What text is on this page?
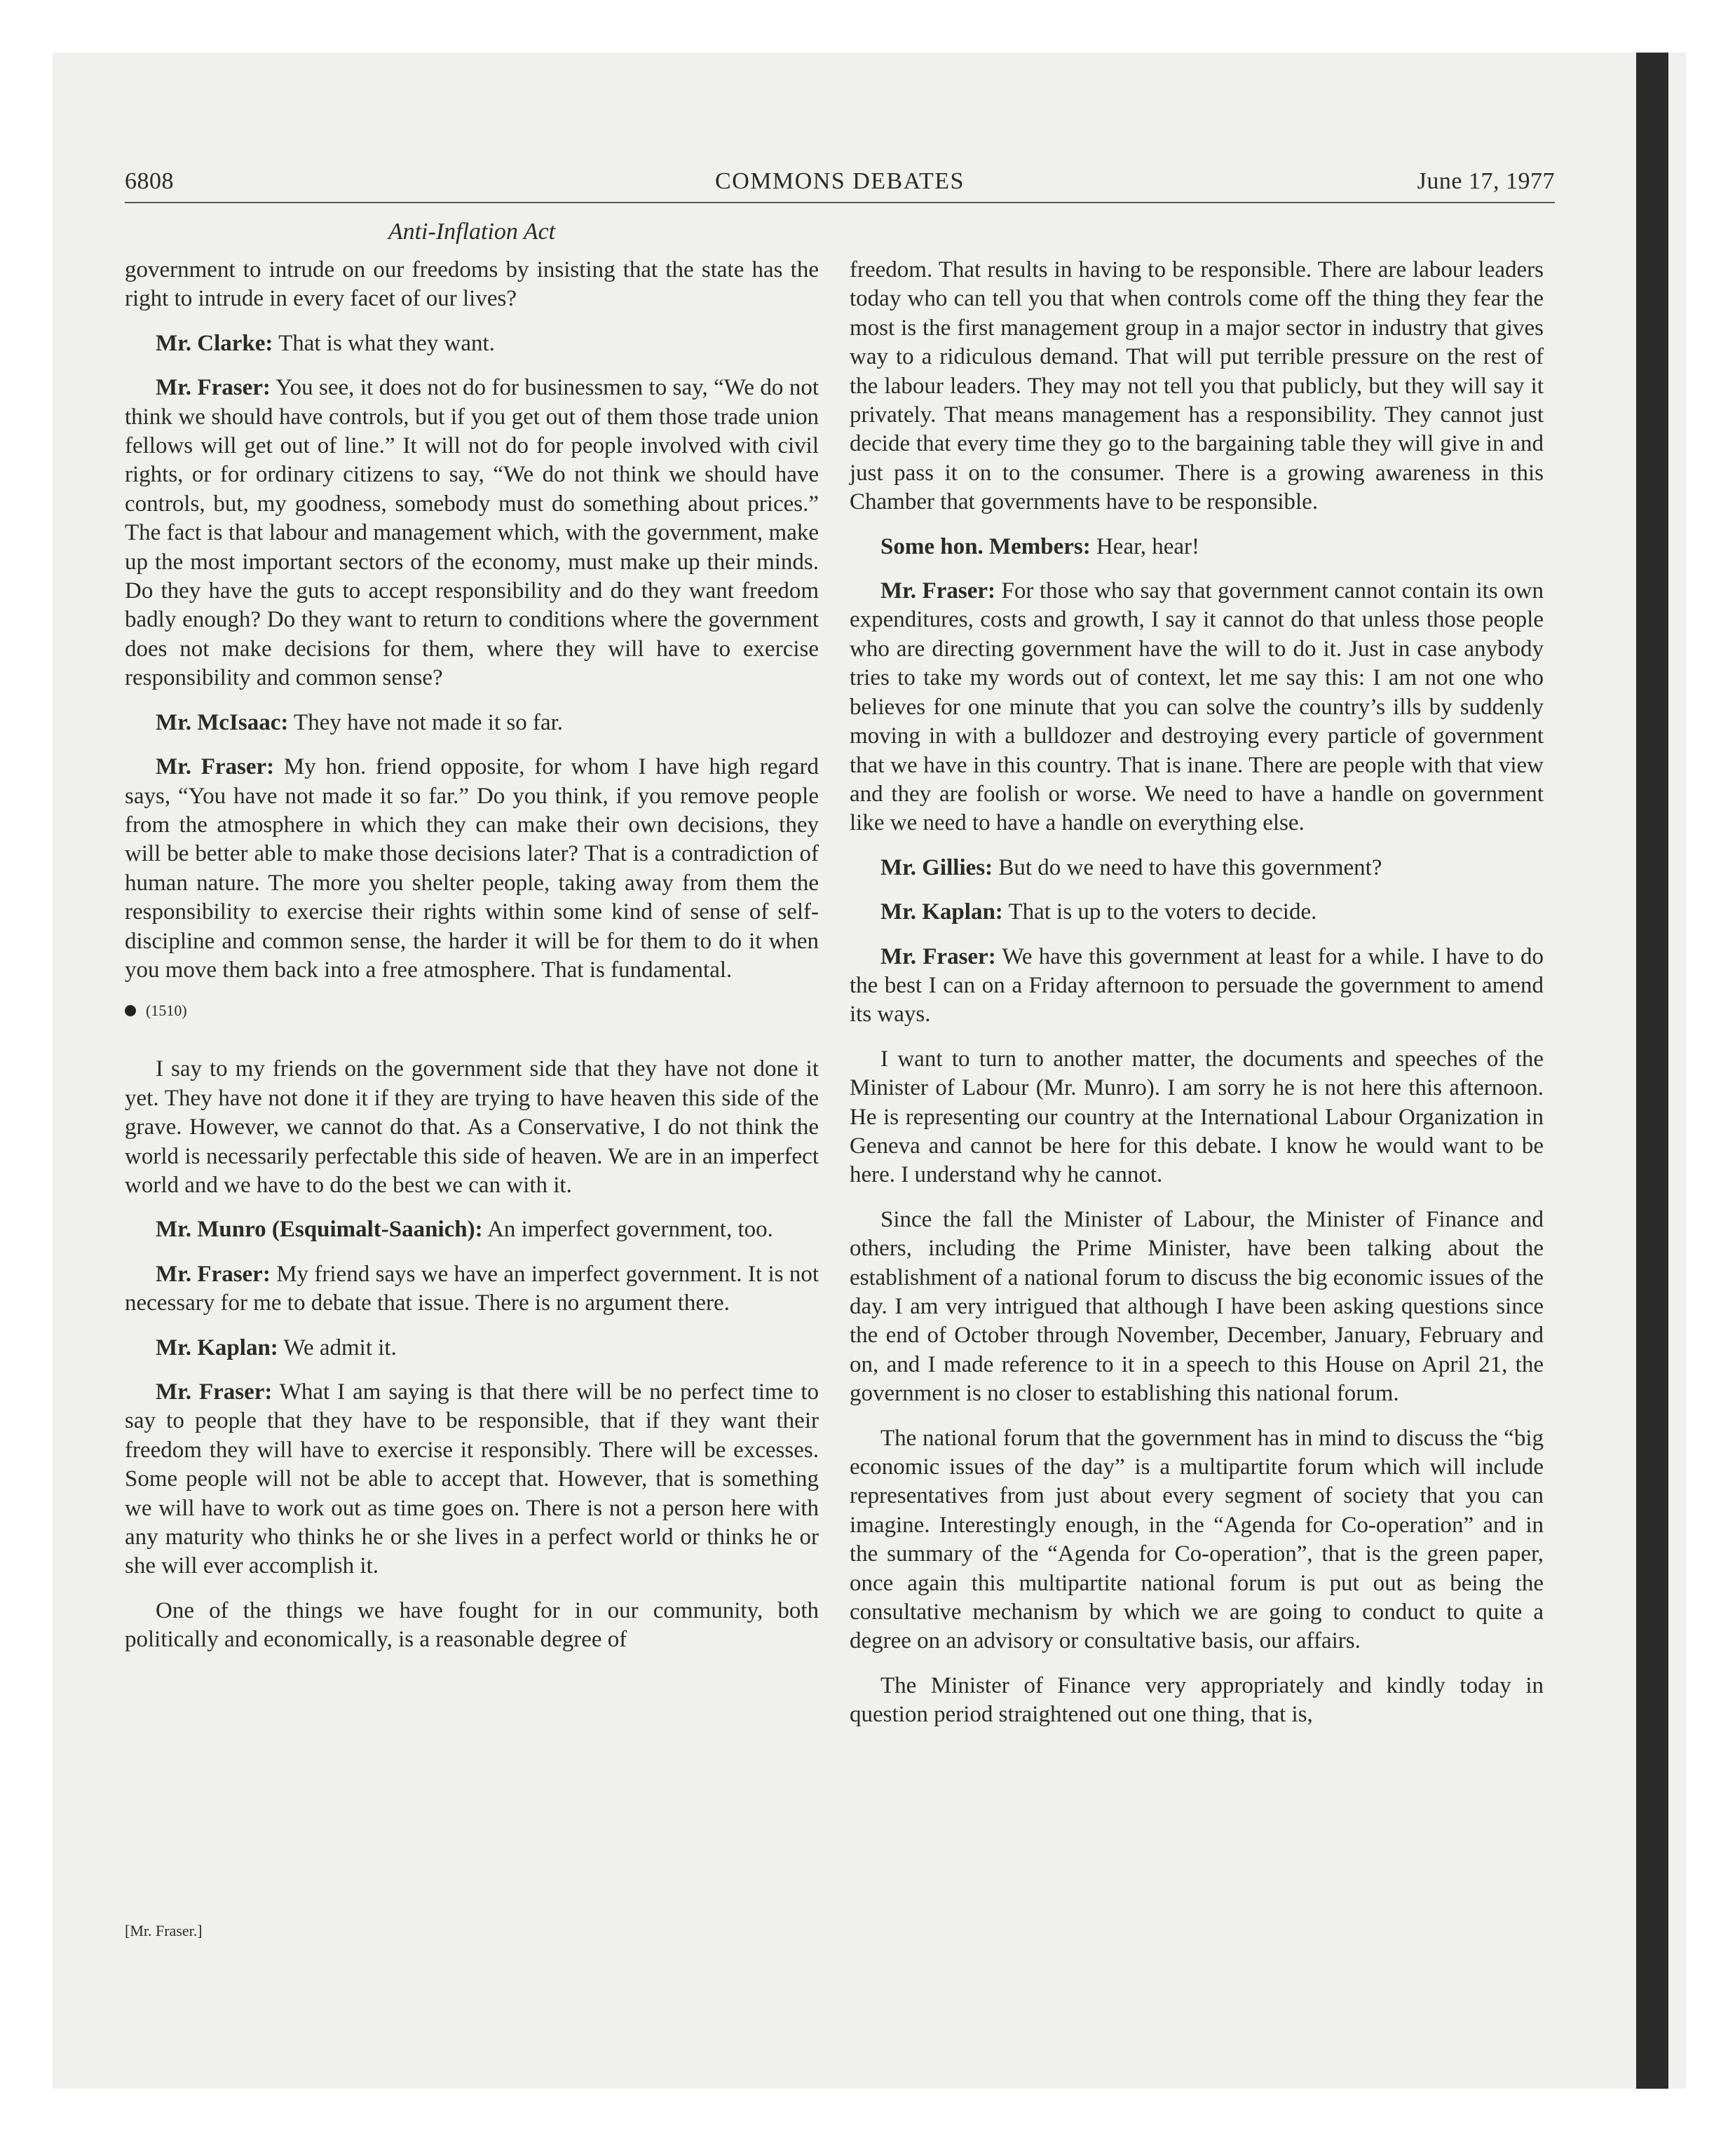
6808	COMMONS DEBATES	June 17, 1977
Anti-Inflation Act

government to intrude on our freedoms by insisting that the state has the right to intrude in every facet of our lives?

Mr. Clarke: That is what they want.

Mr. Fraser: You see, it does not do for businessmen to say, “We do not think we should have controls, but if you get out of them those trade union fellows will get out of line.” It will not do for people involved with civil rights, or for ordinary citizens to say, “We do not think we should have controls, but, my goodness, somebody must do something about prices.” The fact is that labour and management which, with the government, make up the most important sectors of the economy, must make up their minds. Do they have the guts to accept responsibility and do they want freedom badly enough? Do they want to return to conditions where the government does not make decisions for them, where they will have to exercise responsibility and common sense?

Mr. McIsaac: They have not made it so far.

Mr. Fraser: My hon. friend opposite, for whom I have high regard says, “You have not made it so far.” Do you think, if you remove people from the atmosphere in which they can make their own decisions, they will be better able to make those decisions later? That is a contradiction of human nature. The more you shelter people, taking away from them the responsibility to exercise their rights within some kind of sense of self-discipline and common sense, the harder it will be for them to do it when you move them back into a free atmosphere. That is fundamental.

(1510)

I say to my friends on the government side that they have not done it yet. They have not done it if they are trying to have heaven this side of the grave. However, we cannot do that. As a Conservative, I do not think the world is necessarily perfectable this side of heaven. We are in an imperfect world and we have to do the best we can with it.

Mr. Munro (Esquimalt-Saanich): An imperfect government, too.

Mr. Fraser: My friend says we have an imperfect government. It is not necessary for me to debate that issue. There is no argument there.

Mr. Kaplan: We admit it.

Mr. Fraser: What I am saying is that there will be no perfect time to say to people that they have to be responsible, that if they want their freedom they will have to exercise it responsibly. There will be excesses. Some people will not be able to accept that. However, that is something we will have to work out as time goes on. There is not a person here with any maturity who thinks he or she lives in a perfect world or thinks he or she will ever accomplish it.

One of the things we have fought for in our community, both politically and economically, is a reasonable degree of

freedom. That results in having to be responsible. There are labour leaders today who can tell you that when controls come off the thing they fear the most is the first management group in a major sector in industry that gives way to a ridiculous demand. That will put terrible pressure on the rest of the labour leaders. They may not tell you that publicly, but they will say it privately. That means management has a responsibility. They cannot just decide that every time they go to the bargaining table they will give in and just pass it on to the consumer. There is a growing awareness in this Chamber that governments have to be responsible.

Some hon. Members: Hear, hear!

Mr. Fraser: For those who say that government cannot contain its own expenditures, costs and growth, I say it cannot do that unless those people who are directing government have the will to do it. Just in case anybody tries to take my words out of context, let me say this: I am not one who believes for one minute that you can solve the country’s ills by suddenly moving in with a bulldozer and destroying every particle of government that we have in this country. That is inane. There are people with that view and they are foolish or worse. We need to have a handle on government like we need to have a handle on everything else.

Mr. Gillies: But do we need to have this government?

Mr. Kaplan: That is up to the voters to decide.

Mr. Fraser: We have this government at least for a while. I have to do the best I can on a Friday afternoon to persuade the government to amend its ways.

I want to turn to another matter, the documents and speeches of the Minister of Labour (Mr. Munro). I am sorry he is not here this afternoon. He is representing our country at the International Labour Organization in Geneva and cannot be here for this debate. I know he would want to be here. I understand why he cannot.

Since the fall the Minister of Labour, the Minister of Finance and others, including the Prime Minister, have been talking about the establishment of a national forum to discuss the big economic issues of the day. I am very intrigued that although I have been asking questions since the end of October through November, December, January, February and on, and I made reference to it in a speech to this House on April 21, the government is no closer to establishing this national forum.

The national forum that the government has in mind to discuss the “big economic issues of the day” is a multipartite forum which will include representatives from just about every segment of society that you can imagine. Interestingly enough, in the “Agenda for Co-operation” and in the summary of the “Agenda for Co-operation”, that is the green paper, once again this multipartite national forum is put out as being the consultative mechanism by which we are going to conduct to quite a degree on an advisory or consultative basis, our affairs.

The Minister of Finance very appropriately and kindly today in question period straightened out one thing, that is,

[Mr. Fraser.]
